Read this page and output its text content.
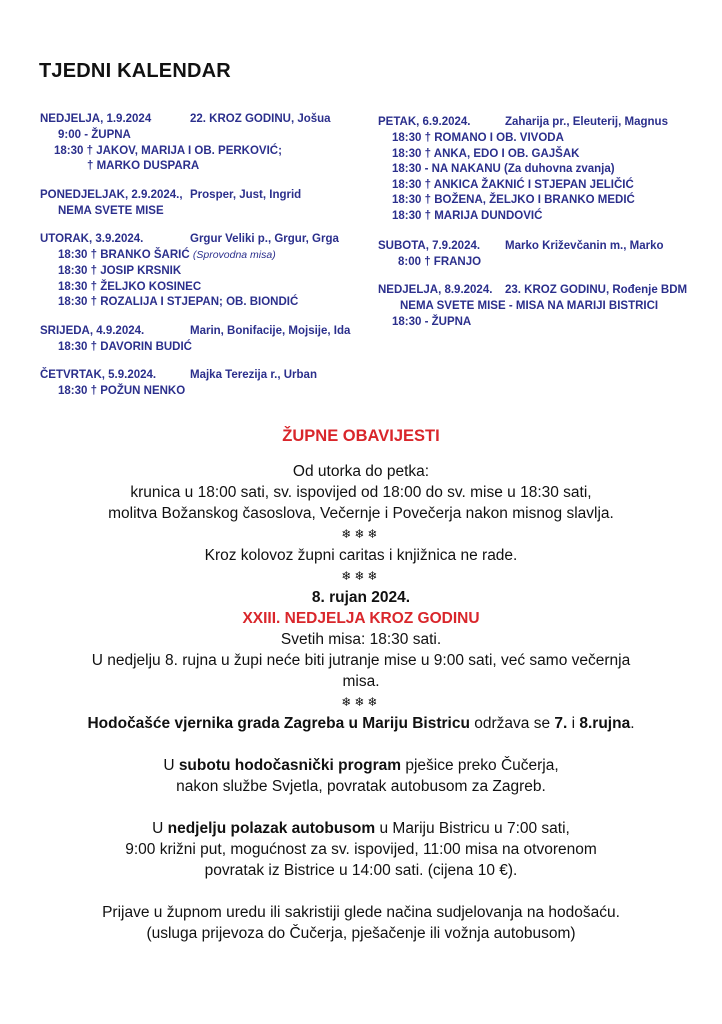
TJEDNI KALENDAR
NEDJELJA, 1.9.2024	22. KROZ GODINU, Jošua
9:00 - ŽUPNA
18:30 † JAKOV, MARIJA I OB. PERKOVIĆ;
† MARKO DUSPARA
PONEDJELJAK, 2.9.2024., Prosper, Just, Ingrid
NEMA SVETE MISE
UTORAK, 3.9.2024.	Grgur Veliki p., Grgur, Grga
18:30 † BRANKO ŠARIĆ (Sprovodna misa)
18:30 † JOSIP KRSNIK
18:30 † ŽELJKO KOSINEC
18:30 † ROZALIJA I STJEPAN; OB. BIONDIĆ
SRIJEDA, 4.9.2024.	Marin, Bonifacije, Mojsije, Ida
18:30 † DAVORIN BUDIĆ
ČETVRTAK, 5.9.2024.	Majka Terezija r., Urban
18:30 † POŽUN NENKO
PETAK, 6.9.2024.	Zaharija pr., Eleuterij, Magnus
18:30 † ROMANO I OB. VIVODA
18:30 † ANKA, EDO I OB. GAJŠAK
18:30 - NA NAKANU (Za duhovna zvanja)
18:30 † ANKICA ŽAKNIĆ I STJEPAN JELIČIĆ
18:30 † BOŽENA, ŽELJKO I BRANKO MEDIĆ
18:30 † MARIJA DUNDOVIĆ
SUBOTA, 7.9.2024. Marko Križevčanin m., Marko
8:00 † FRANJO
NEDJELJA, 8.9.2024. 23. KROZ GODINU, Rođenje BDM
NEMA SVETE MISE - MISA NA MARIJI BISTRICI
18:30 - ŽUPNA
ŽUPNE OBAVIJESTI
Od utorka do petka:
krunica u 18:00 sati, sv. ispovijed od 18:00 do sv. mise u 18:30 sati,
molitva Božanskog časoslova, Večernje i Povečerja nakon misnog slavlja.
❄❄❄
Kroz kolovoz župni caritas i knjižnica ne rade.
❄❄❄
8. rujan 2024.
XXIII. NEDJELJA KROZ GODINU
Svetih misa: 18:30 sati.
U nedjelju 8. rujna u župi neće biti jutranje mise u 9:00 sati, već samo večernja
misa.
❄❄❄
Hodočašće vjernika grada Zagreba u Mariju Bistricu održava se 7. i 8.rujna.
U subotu hodočasnički program pješice preko Čučerja,
nakon službe Svjetla, povratak autobusom za Zagreb.
U nedjelju polazak autobusom u Mariju Bistricu u 7:00 sati,
9:00 križni put, mogućnost za sv. ispovijed, 11:00 misa na otvorenom
povratak iz Bistrice u 14:00 sati. (cijena 10 €).
Prijave u župnom uredu ili sakristiji glede načina sudjelovanja na hodošaću.
(usluga prijevoza do Čučerja, pješačenje ili vožnja autobusom)
